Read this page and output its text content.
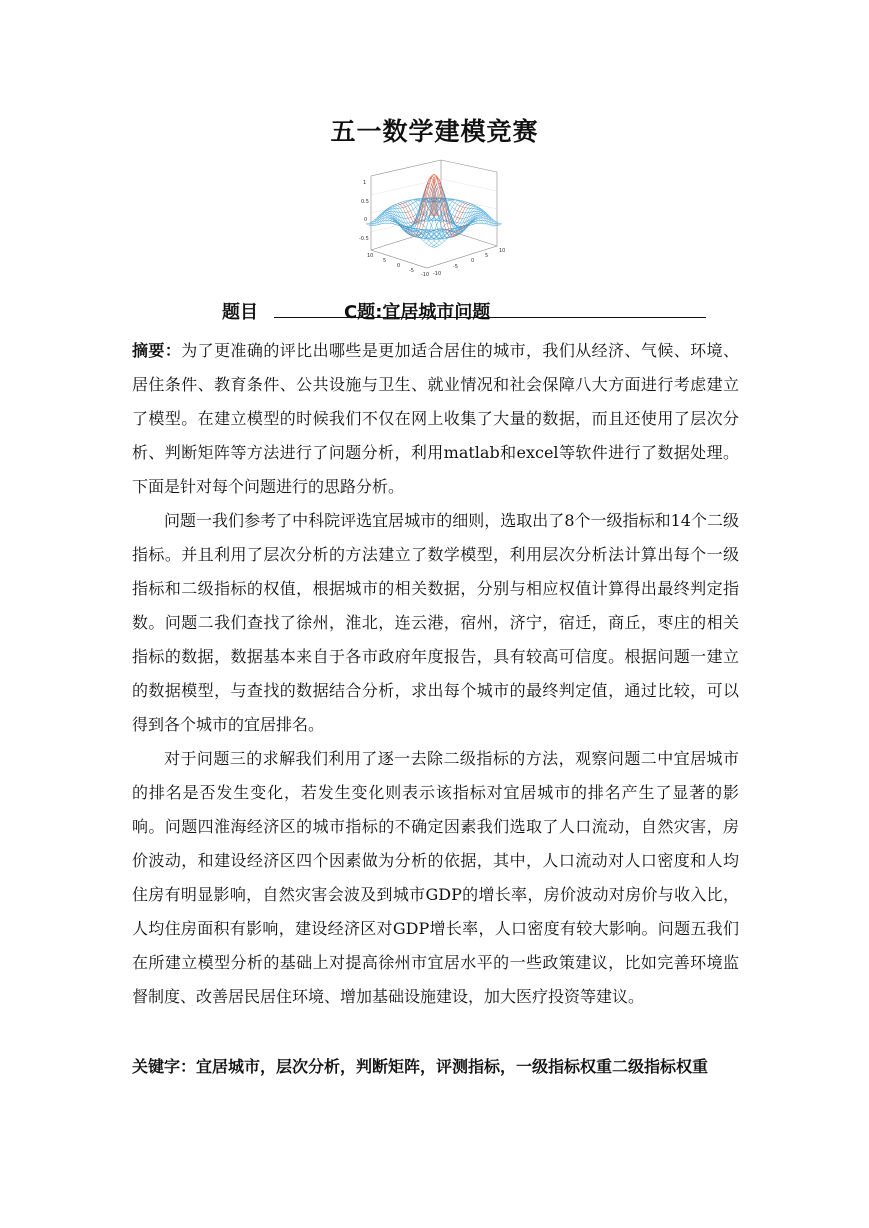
五一数学建模竞赛
1
0.5
0
-0.5
10
5
0
-5
-10 -10
-5
0
5
10
题目	C题:宜居城市问题
摘要：为了更准确的评比出哪些是更加适合居住的城市，我们从经济、气候、环境、居住条件、教育条件、公共设施与卫生、就业情况和社会保障八大方面进行考虑建立了模型。在建立模型的时候我们不仅在网上收集了大量的数据，而且还使用了层次分析、判断矩阵等方法进行了问题分析，利用matlab和excel等软件进行了数据处理。下面是针对每个问题进行的思路分析。

问题一我们参考了中科院评选宜居城市的细则，选取出了8个一级指标和14个二级指标。并且利用了层次分析的方法建立了数学模型，利用层次分析法计算出每个一级指标和二级指标的权值，根据城市的相关数据，分别与相应权值计算得出最终判定指数。问题二我们查找了徐州，淮北，连云港，宿州，济宁，宿迁，商丘，枣庄的相关指标的数据，数据基本来自于各市政府年度报告，具有较高可信度。根据问题一建立的数据模型，与查找的数据结合分析，求出每个城市的最终判定值，通过比较，可以得到各个城市的宜居排名。

对于问题三的求解我们利用了逐一去除二级指标的方法，观察问题二中宜居城市的排名是否发生变化，若发生变化则表示该指标对宜居城市的排名产生了显著的影响。问题四淮海经济区的城市指标的不确定因素我们选取了人口流动，自然灾害，房价波动，和建设经济区四个因素做为分析的依据，其中，人口流动对人口密度和人均住房有明显影响，自然灾害会波及到城市GDP的增长率，房价波动对房价与收入比，人均住房面积有影响，建设经济区对GDP增长率，人口密度有较大影响。问题五我们在所建立模型分析的基础上对提高徐州市宜居水平的一些政策建议，比如完善环境监督制度、改善居民居住环境、增加基础设施建设，加大医疗投资等建议。

关键字：宜居城市，层次分析，判断矩阵，评测指标，一级指标权重二级指标权重
